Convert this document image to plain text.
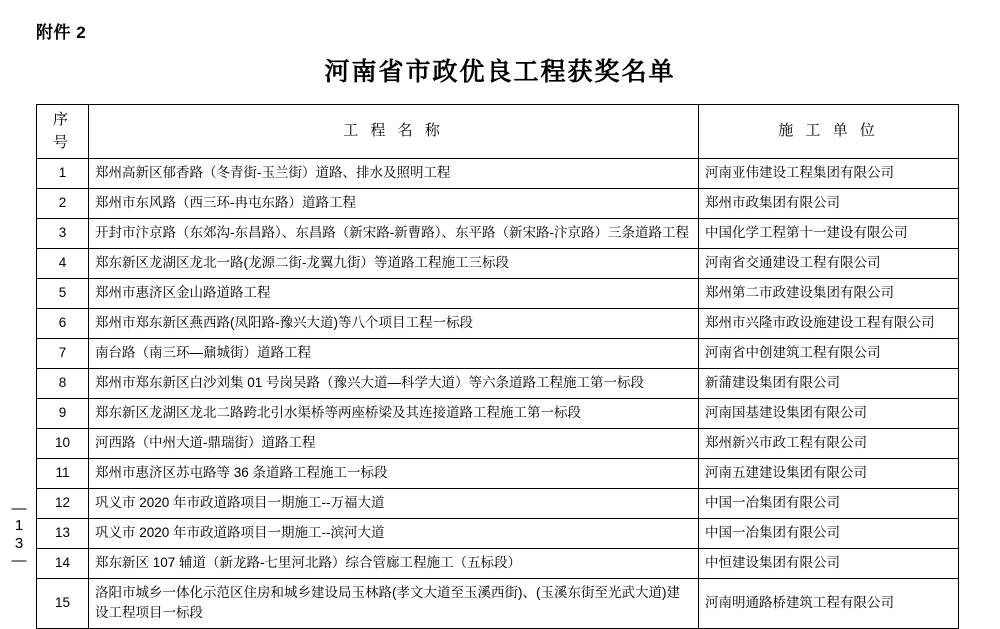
附件 2
河南省市政优良工程获奖名单
—
1
3
—
序 号	工 程 名 称	施 工 单 位
1	郑州高新区郁香路（冬青街-玉兰街）道路、排水及照明工程	河南亚伟建设工程集团有限公司
2	郑州市东风路（西三环-冉屯东路）道路工程	郑州市政集团有限公司
3	开封市汴京路（东郊沟-东昌路）、东昌路（新宋路-新曹路）、东平路（新宋路-汴京路）三条道路工程	中国化学工程第十一建设有限公司
4	郑东新区龙湖区龙北一路(龙源二街-龙翼九街）等道路工程施工三标段	河南省交通建设工程有限公司
5	郑州市惠济区金山路道路工程	郑州第二市政建设集团有限公司
6	郑州市郑东新区燕西路(凤阳路-豫兴大道)等八个项目工程一标段	郑州市兴隆市政设施建设工程有限公司
7	南台路（南三环—鼐城街）道路工程	河南省中创建筑工程有限公司
8	郑州市郑东新区白沙刘集 01 号岗吴路（豫兴大道—科学大道）等六条道路工程施工第一标段	新蒲建设集团有限公司
9	郑东新区龙湖区龙北二路跨北引水渠桥等两座桥梁及其连接道路工程施工第一标段	河南国基建设集团有限公司
10	河西路（中州大道-鼎瑞街）道路工程	郑州新兴市政工程有限公司
11	郑州市惠济区苏屯路等 36 条道路工程施工一标段	河南五建建设集团有限公司
12	巩义市 2020 年市政道路项目一期施工--万福大道	中国一冶集团有限公司
13	巩义市 2020 年市政道路项目一期施工--滨河大道	中国一冶集团有限公司
14	郑东新区 107 辅道（新龙路-七里河北路）综合管廊工程施工（五标段）	中恒建设集团有限公司
15	洛阳市城乡一体化示范区住房和城乡建设局玉林路(孝文大道至玉溪西街)、(玉溪东街至光武大道)建设工程项目一标段	河南明通路桥建筑工程有限公司
